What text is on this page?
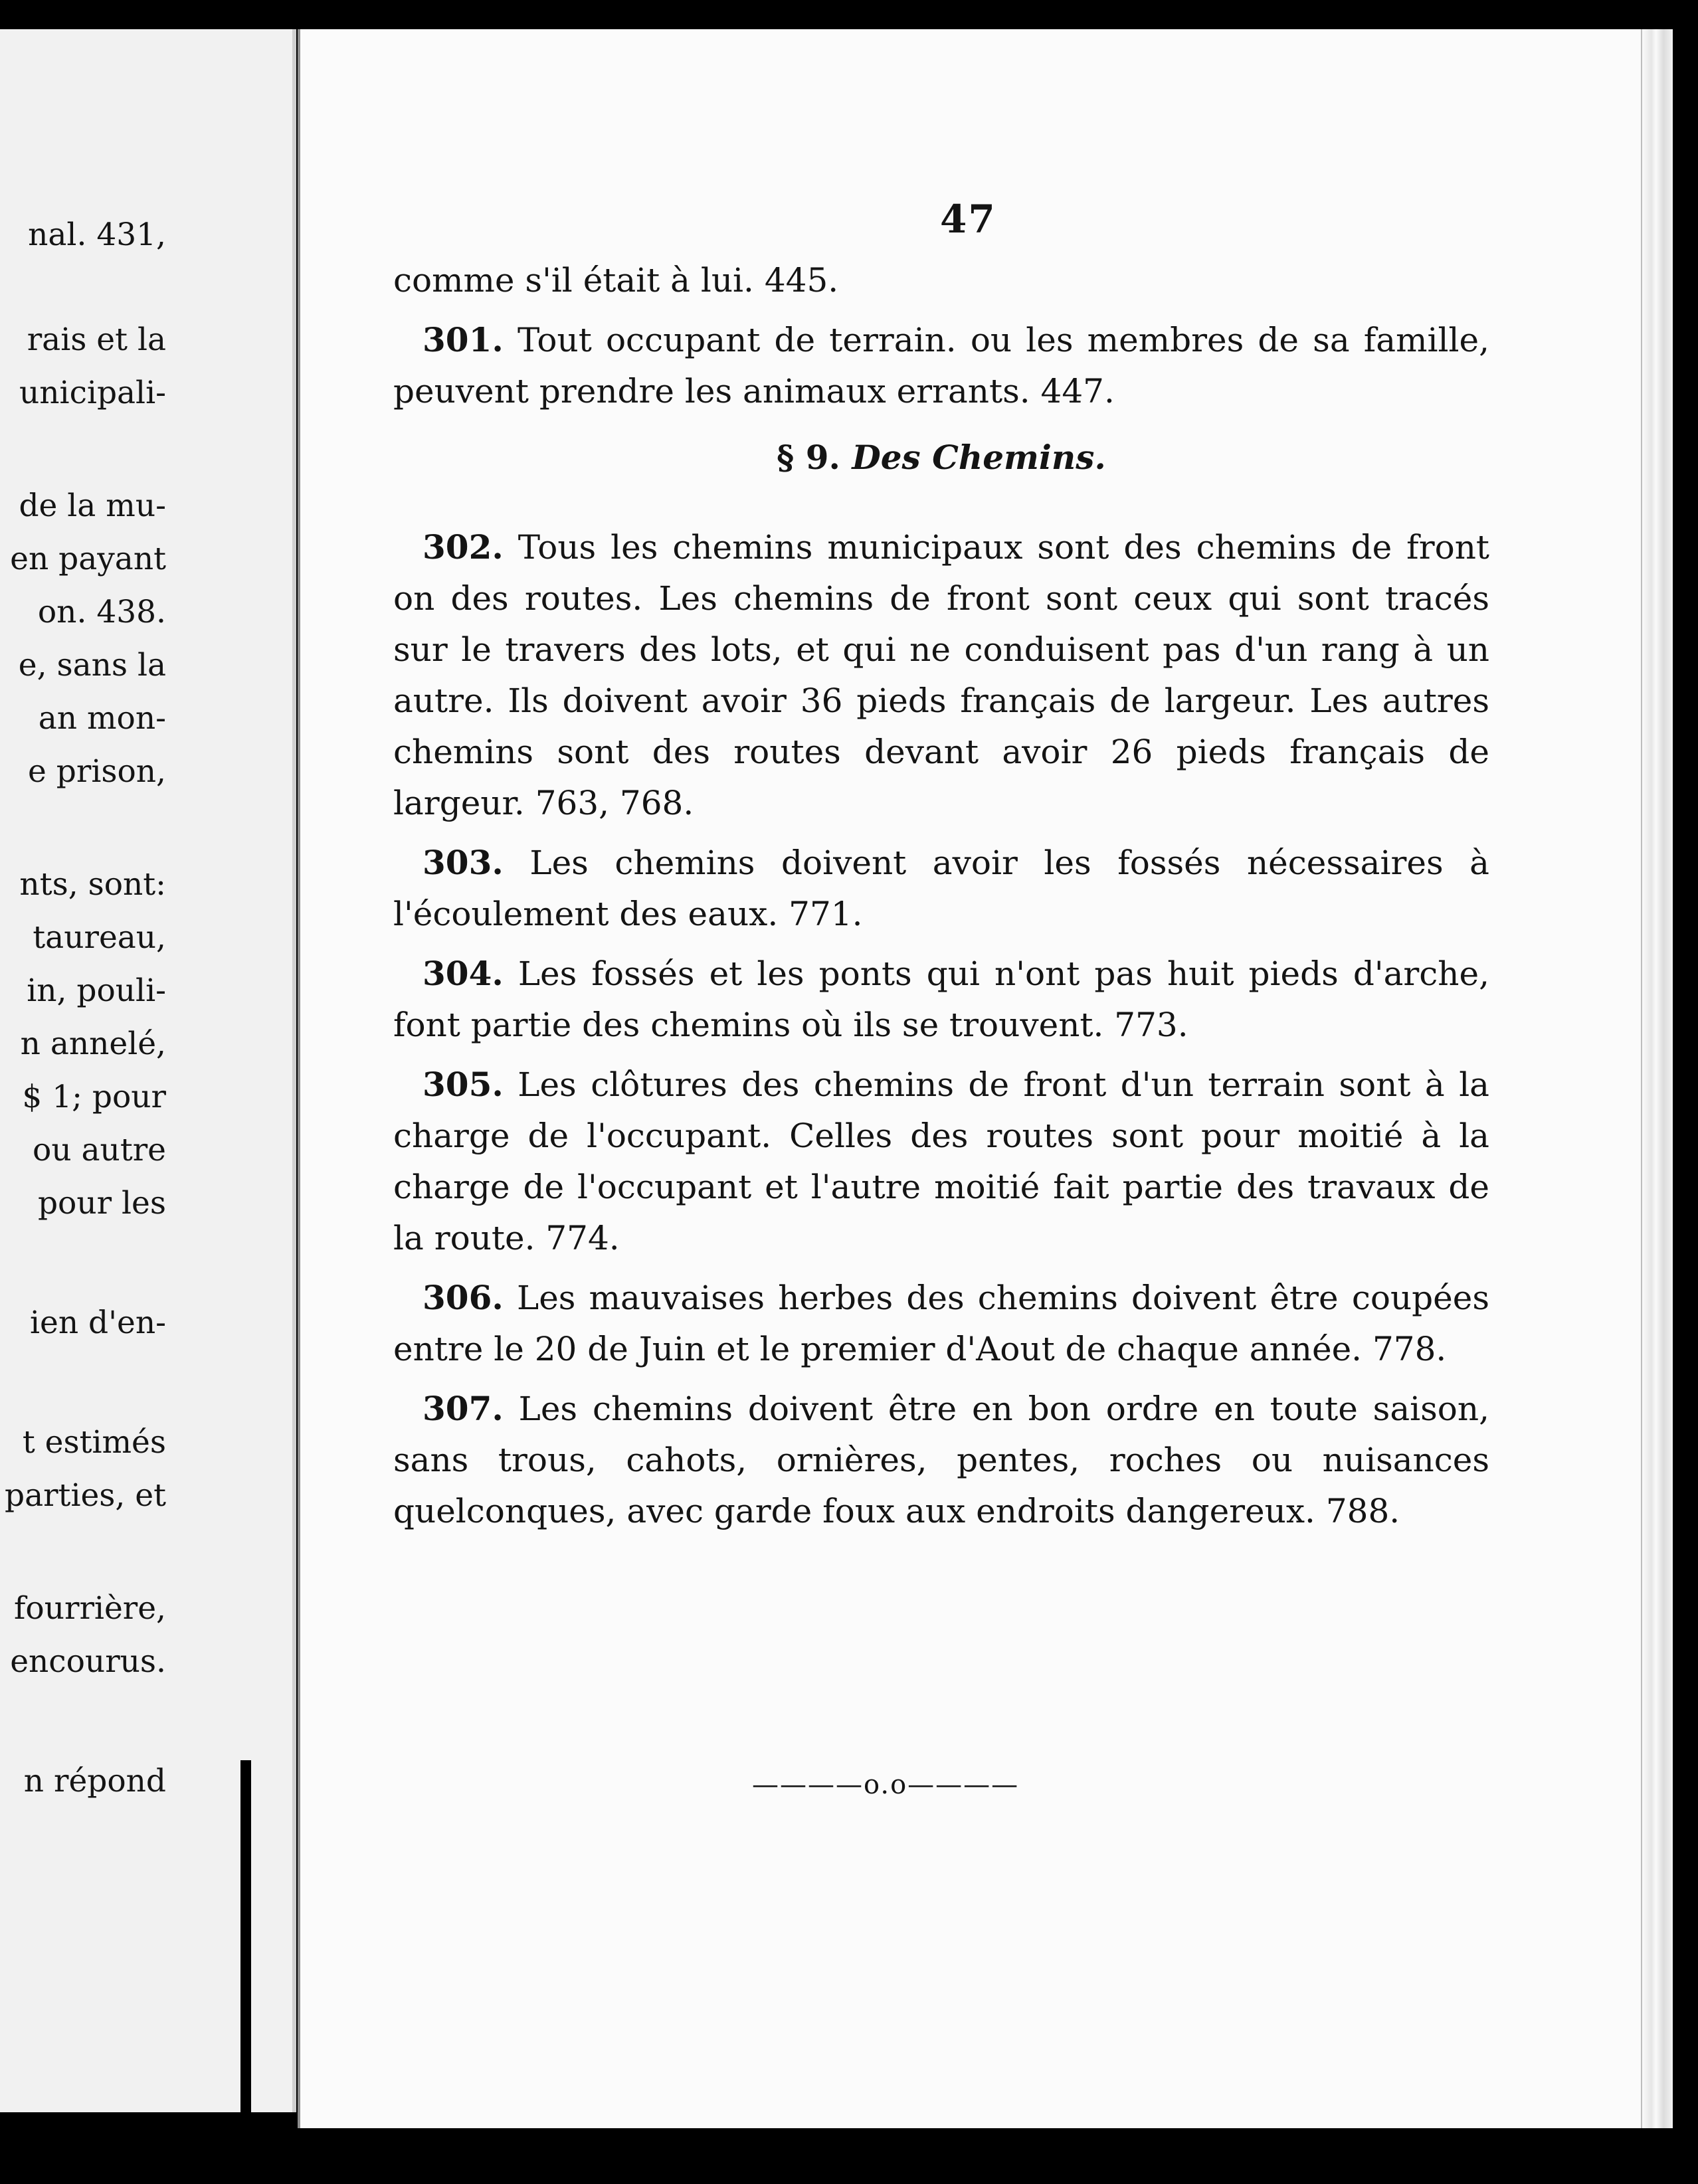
nal. 431,
rais et la
unicipali-
de la mu-
en payant
on. 438.
e, sans la
an mon-
e prison,
nts, sont:
taureau,
in, pouli-
n annelé,
$ 1; pour
ou autre
pour les
ien d'en-
t estimés
parties, et
fourrière,
encourus.
n répond
47

comme s'il était à lui. 445.

301. Tout occupant de terrain. ou les membres de sa famille, peuvent prendre les animaux errants. 447.

§ 9. Des Chemins.

302. Tous les chemins municipaux sont des chemins de front on des routes. Les chemins de front sont ceux qui sont tracés sur le travers des lots, et qui ne conduisent pas d'un rang à un autre. Ils doivent avoir 36 pieds français de largeur. Les autres chemins sont des routes devant avoir 26 pieds français de largeur. 763, 768.

303. Les chemins doivent avoir les fossés nécessaires à l'écoulement des eaux. 771.

304. Les fossés et les ponts qui n'ont pas huit pieds d'arche, font partie des chemins où ils se trouvent. 773.

305. Les clôtures des chemins de front d'un terrain sont à la charge de l'occupant. Celles des routes sont pour moitié à la charge de l'occupant et l'autre moitié fait partie des travaux de la route. 774.

306. Les mauvaises herbes des chemins doivent être coupées entre le 20 de Juin et le premier d'Aout de chaque année. 778.

307. Les chemins doivent être en bon ordre en toute saison, sans trous, cahots, ornières, pentes, roches ou nuisances quelconques, avec garde foux aux endroits dangereux. 788.

————o.o————
